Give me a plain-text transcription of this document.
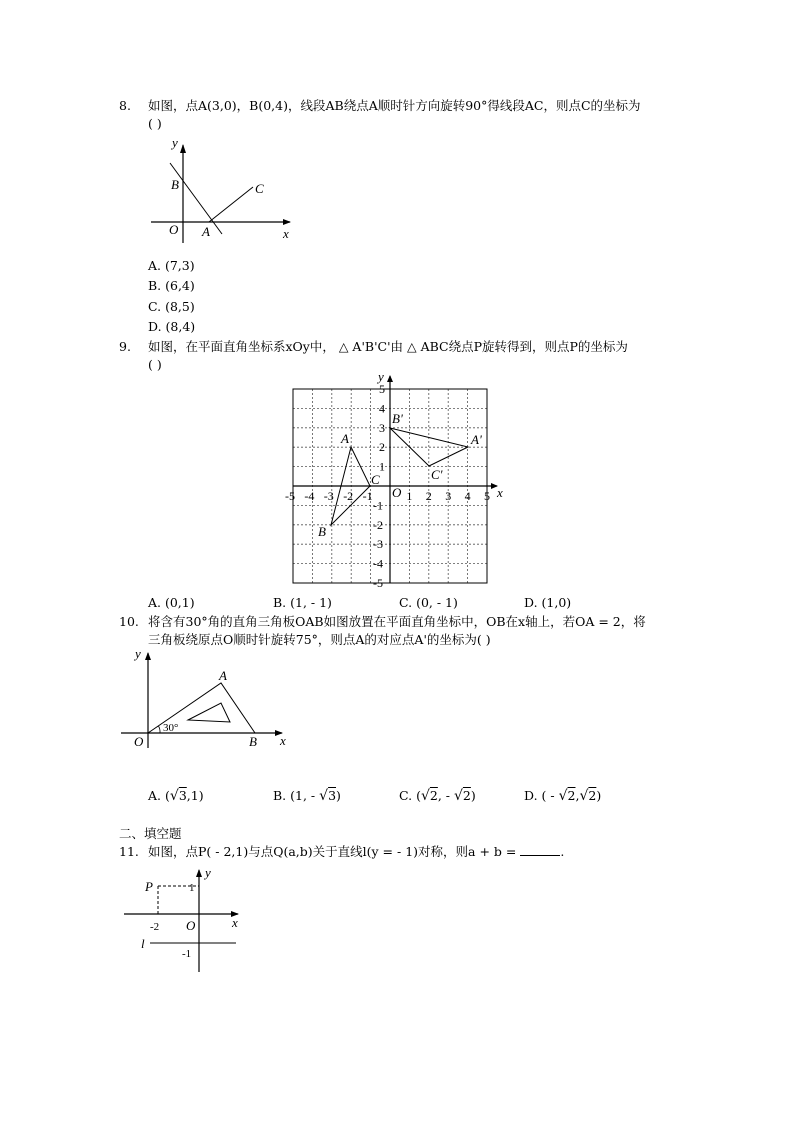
8. 如图，点A(3,0)，B(0,4)，线段AB绕点A顺时针方向旋转90°得线段AC，则点C的坐标为
( )
y
x
O A
B	C
A. (7,3)
B. (6,4)
C. (8,5)
D. (8,4)
9. 如图，在平面直角坐标系xOy中， △ A'B'C'由 △ ABC绕点P旋转得到，则点P的坐标为
( )
-5 -4 -3 -2 -1	1 2 3 4 5
5
4
3
2
1
-1
-2
-3
-4
-5
y
x
O
A
B
C
B'
A'
C'
A. (0,1)	B. (1, - 1)	C. (0, - 1)	D. (1,0)
10. 将含有30°角的直角三角板OAB如图放置在平面直角坐标中，OB在x轴上，若OA = 2，将
三角板绕原点O顺时针旋转75°，则点A的对应点A'的坐标为( )
y
x
O
A
B
30°
A. (√3,1)	B. (1, - √3)	C. (√2, - √2)	D. ( - √2,√2)
二、填空题
11. 如图，点P( - 2,1)与点Q(a,b)关于直线l(y = - 1)对称，则a + b =	.
y
x
O
P
l
1
-2
-1
